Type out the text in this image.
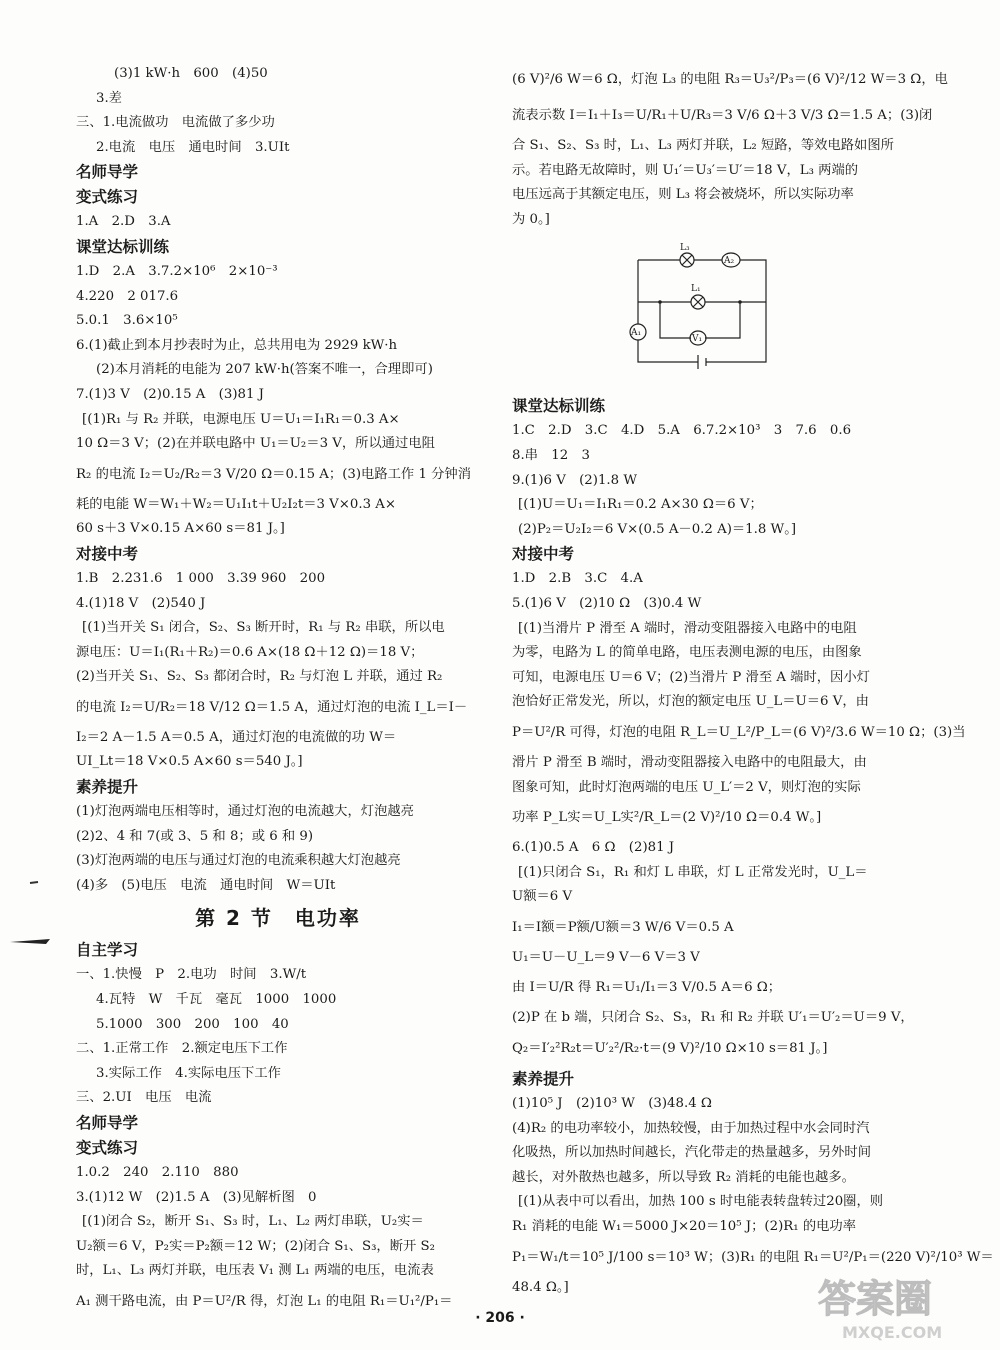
(3)1 kW·h　600　(4)50
3.差
三、1.电流做功　电流做了多少功
2.电流　电压　通电时间　3.UIt
名师导学
变式练习
1.A　2.D　3.A
课堂达标训练
1.D　2.A　3.7.2×10⁶　2×10⁻³
4.220　2 017.6
5.0.1　3.6×10⁵
6.(1)截止到本月抄表时为止，总共用电为 2929 kW·h
(2)本月消耗的电能为 207 kW·h(答案不唯一，合理即可)
7.(1)3 V　(2)0.15 A　(3)81 J
[(1)R₁ 与 R₂ 并联，电源电压 U＝U₁＝I₁R₁＝0.3 A×
10 Ω＝3 V；(2)在并联电路中 U₁＝U₂＝3 V，所以通过电阻
R₂ 的电流 I₂＝U₂/R₂＝3 V/20 Ω＝0.15 A；(3)电路工作 1 分钟消
耗的电能 W＝W₁＋W₂＝U₁I₁t＋U₂I₂t＝3 V×0.3 A×
60 s＋3 V×0.15 A×60 s＝81 J。]
对接中考
1.B　2.231.6　1 000　3.39 960　200
4.(1)18 V　(2)540 J
[(1)当开关 S₁ 闭合，S₂、S₃ 断开时，R₁ 与 R₂ 串联，所以电
源电压：U＝I₁(R₁＋R₂)＝0.6 A×(18 Ω＋12 Ω)＝18 V；
(2)当开关 S₁、S₂、S₃ 都闭合时，R₂ 与灯泡 L 并联，通过 R₂
的电流 I₂＝U/R₂＝18 V/12 Ω＝1.5 A，通过灯泡的电流 I_L＝I－
I₂＝2 A－1.5 A＝0.5 A，通过灯泡的电流做的功 W＝
UI_Lt＝18 V×0.5 A×60 s＝540 J。]
素养提升
(1)灯泡两端电压相等时，通过灯泡的电流越大，灯泡越亮
(2)2、4 和 7(或 3、5 和 8；或 6 和 9)
(3)灯泡两端的电压与通过灯泡的电流乘积越大灯泡越亮
(4)多　(5)电压　电流　通电时间　W＝UIt
第 2 节　电功率
自主学习
一、1.快慢　P　2.电功　时间　3.W/t
4.瓦特　W　千瓦　毫瓦　1000　1000
5.1000　300　200　100　40
二、1.正常工作　2.额定电压下工作
3.实际工作　4.实际电压下工作
三、2.UI　电压　电流
名师导学
变式练习
1.0.2　240　2.110　880
3.(1)12 W　(2)1.5 A　(3)见解析图　0
[(1)闭合 S₂，断开 S₁、S₃ 时，L₁、L₂ 两灯串联，U₂实＝
U₂额＝6 V，P₂实＝P₂额＝12 W；(2)闭合 S₁、S₃，断开 S₂
时，L₁、L₃ 两灯并联，电压表 V₁ 测 L₁ 两端的电压，电流表
A₁ 测干路电流，由 P＝U²/R 得，灯泡 L₁ 的电阻 R₁＝U₁²/P₁＝
(6 V)²/6 W＝6 Ω，灯泡 L₃ 的电阻 R₃＝U₃²/P₃＝(6 V)²/12 W＝3 Ω，电
流表示数 I＝I₁＋I₃＝U/R₁＋U/R₃＝3 V/6 Ω＋3 V/3 Ω＝1.5 A；(3)闭
合 S₁、S₂、S₃ 时，L₁、L₃ 两灯并联，L₂ 短路，等效电路如图所
示。若电路无故障时，则 U₁′＝U₃′＝U′＝18 V，L₃ 两端的
电压远高于其额定电压，则 L₃ 将会被烧坏，所以实际功率
为 0。]
课堂达标训练
1.C　2.D　3.C　4.D　5.A　6.7.2×10³　3　7.6　0.6
8.串　12　3
9.(1)6 V　(2)1.8 W
[(1)U＝U₁＝I₁R₁＝0.2 A×30 Ω＝6 V；
(2)P₂＝U₂I₂＝6 V×(0.5 A－0.2 A)＝1.8 W。]
对接中考
1.D　2.B　3.C　4.A
5.(1)6 V　(2)10 Ω　(3)0.4 W
[(1)当滑片 P 滑至 A 端时，滑动变阻器接入电路中的电阻
为零，电路为 L 的简单电路，电压表测电源的电压，由图象
可知，电源电压 U＝6 V；(2)当滑片 P 滑至 A 端时，因小灯
泡恰好正常发光，所以，灯泡的额定电压 U_L＝U＝6 V，由
P＝U²/R 可得，灯泡的电阻 R_L＝U_L²/P_L＝(6 V)²/3.6 W＝10 Ω；(3)当
滑片 P 滑至 B 端时，滑动变阻器接入电路中的电阻最大，由
图象可知，此时灯泡两端的电压 U_L′＝2 V，则灯泡的实际
功率 P_L实＝U_L实²/R_L＝(2 V)²/10 Ω＝0.4 W。]
6.(1)0.5 A　6 Ω　(2)81 J
[(1)只闭合 S₁，R₁ 和灯 L 串联，灯 L 正常发光时，U_L＝
U额＝6 V
I₁＝I额＝P额/U额＝3 W/6 V＝0.5 A
U₁＝U－U_L＝9 V－6 V＝3 V
由 I＝U/R 得 R₁＝U₁/I₁＝3 V/0.5 A＝6 Ω；
(2)P 在 b 端，只闭合 S₂、S₃，R₁ 和 R₂ 并联 U′₁＝U′₂＝U＝9 V，
Q₂＝I′₂²R₂t＝U′₂²/R₂·t＝(9 V)²/10 Ω×10 s＝81 J。]
素养提升
(1)10⁵ J　(2)10³ W　(3)48.4 Ω
(4)R₂ 的电功率较小，加热较慢，由于加热过程中水会同时汽
化吸热，所以加热时间越长，汽化带走的热量越多，另外时间
越长，对外散热也越多，所以导致 R₂ 消耗的电能也越多。
[(1)从表中可以看出，加热 100 s 时电能表转盘转过20圈，则
R₁ 消耗的电能 W₁＝5000 J×20＝10⁵ J；(2)R₁ 的电功率
P₁＝W₁/t＝10⁵ J/100 s＝10³ W；(3)R₁ 的电阻 R₁＝U²/P₁＝(220 V)²/10³ W＝
48.4 Ω。]
L₃
A₂
L₁
V₁
A₁
· 206 ·	答案圈
MXQE.COM
